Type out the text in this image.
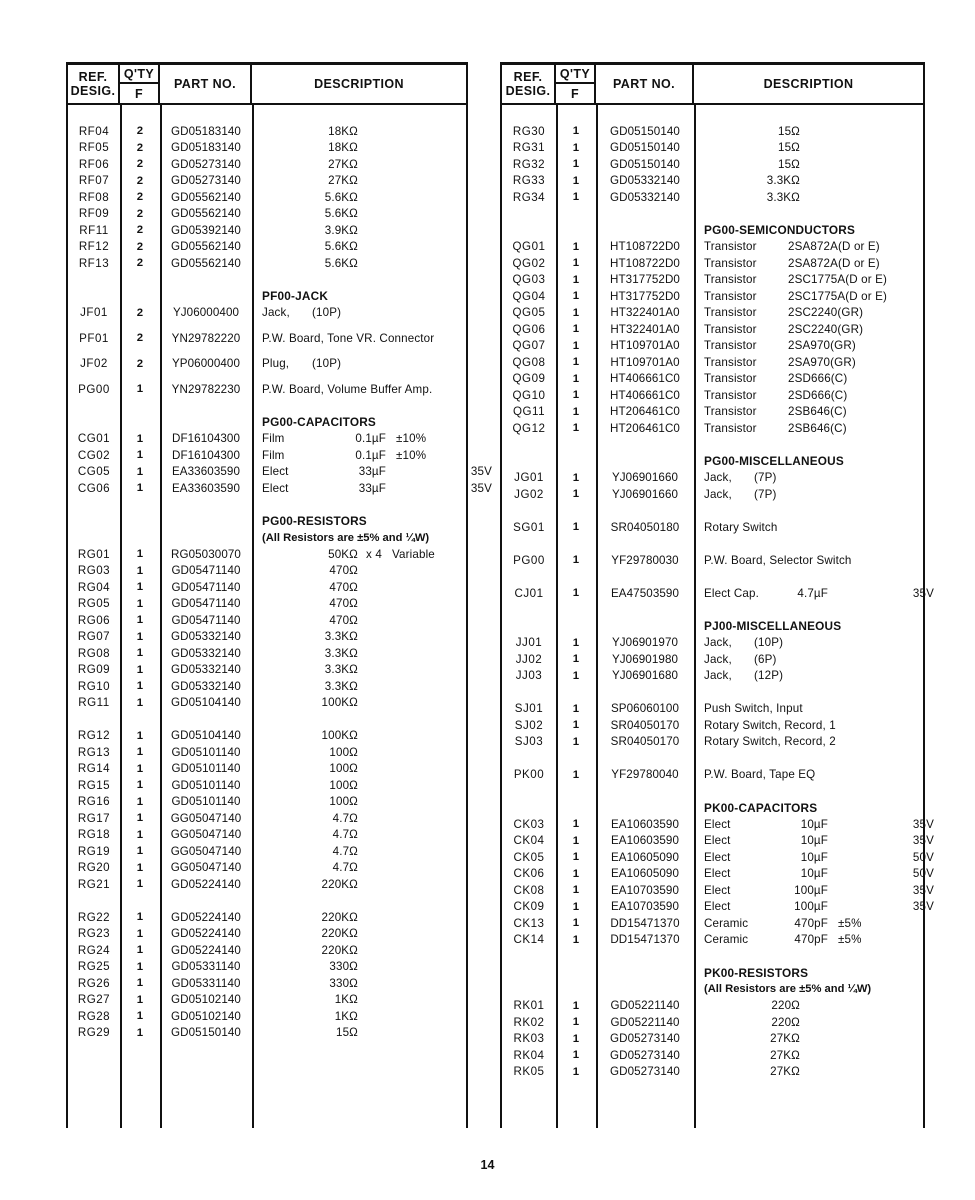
REF.
DESIG.
Q'TY
F
PART NO.	DESCRIPTION
RF04	2	GD05183140	18KΩ
RF05	2	GD05183140	18KΩ
RF06	2	GD05273140	27KΩ
RF07	2	GD05273140	27KΩ
RF08	2	GD05562140	5.6KΩ
RF09	2	GD05562140	5.6KΩ
RF11	2	GD05392140	3.9KΩ
RF12	2	GD05562140	5.6KΩ
RF13	2	GD05562140	5.6KΩ
PF00-JACK
JF01	2	YJ06000400	Jack,	(10P)
PF01	2	YN29782220	P.W. Board, Tone VR. Connector
JF02	2	YP06000400	Plug,	(10P)
PG00	1	YN29782230	P.W. Board, Volume Buffer Amp.
PG00-CAPACITORS
CG01	1	DF16104300	Film	0.1µF ±10%
CG02	1	DF16104300	Film	0.1µF ±10%
CG05	1	EA33603590	Elect	33µF	35V
CG06	1	EA33603590	Elect	33µF	35V
PG00-RESISTORS
(All Resistors are ±5% and ¼W)
RG01	1	RG05030070	50KΩ x 4   Variable
RG03	1	GD05471140	470Ω
RG04	1	GD05471140	470Ω
RG05	1	GD05471140	470Ω
RG06	1	GD05471140	470Ω
RG07	1	GD05332140	3.3KΩ
RG08	1	GD05332140	3.3KΩ
RG09	1	GD05332140	3.3KΩ
RG10	1	GD05332140	3.3KΩ
RG11	1	GD05104140	100KΩ
RG12	1	GD05104140	100KΩ
RG13	1	GD05101140	100Ω
RG14	1	GD05101140	100Ω
RG15	1	GD05101140	100Ω
RG16	1	GD05101140	100Ω
RG17	1	GG05047140	4.7Ω
RG18	1	GG05047140	4.7Ω
RG19	1	GG05047140	4.7Ω
RG20	1	GG05047140	4.7Ω
RG21	1	GD05224140	220KΩ
RG22	1	GD05224140	220KΩ
RG23	1	GD05224140	220KΩ
RG24	1	GD05224140	220KΩ
RG25	1	GD05331140	330Ω
RG26	1	GD05331140	330Ω
RG27	1	GD05102140	1KΩ
RG28	1	GD05102140	1KΩ
RG29	1	GD05150140	15Ω
REF.
DESIG.
Q'TY
F
PART NO.	DESCRIPTION
RG30	1	GD05150140	15Ω
RG31	1	GD05150140	15Ω
RG32	1	GD05150140	15Ω
RG33	1	GD05332140	3.3KΩ
RG34	1	GD05332140	3.3KΩ
PG00-SEMICONDUCTORS
QG01	1	HT108722D0	Transistor	2SA872A(D or E)
QG02	1	HT108722D0	Transistor	2SA872A(D or E)
QG03	1	HT317752D0	Transistor	2SC1775A(D or E)
QG04	1	HT317752D0	Transistor	2SC1775A(D or E)
QG05	1	HT322401A0	Transistor	2SC2240(GR)
QG06	1	HT322401A0	Transistor	2SC2240(GR)
QG07	1	HT109701A0	Transistor	2SA970(GR)
QG08	1	HT109701A0	Transistor	2SA970(GR)
QG09	1	HT406661C0	Transistor	2SD666(C)
QG10	1	HT406661C0	Transistor	2SD666(C)
QG11	1	HT206461C0	Transistor	2SB646(C)
QG12	1	HT206461C0	Transistor	2SB646(C)
PG00-MISCELLANEOUS
JG01	1	YJ06901660	Jack,	(7P)
JG02	1	YJ06901660	Jack,	(7P)
SG01	1	SR04050180	Rotary Switch
PG00	1	YF29780030	P.W. Board, Selector Switch
CJ01	1	EA47503590	Elect Cap.	4.7µF	35V
PJ00-MISCELLANEOUS
JJ01	1	YJ06901970	Jack,	(10P)
JJ02	1	YJ06901980	Jack,	(6P)
JJ03	1	YJ06901680	Jack,	(12P)
SJ01	1	SP06060100	Push Switch, Input
SJ02	1	SR04050170	Rotary Switch, Record, 1
SJ03	1	SR04050170	Rotary Switch, Record, 2
PK00	1	YF29780040	P.W. Board, Tape EQ
PK00-CAPACITORS
CK03	1	EA10603590	Elect	10µF	35V
CK04	1	EA10603590	Elect	10µF	35V
CK05	1	EA10605090	Elect	10µF	50V
CK06	1	EA10605090	Elect	10µF	50V
CK08	1	EA10703590	Elect	100µF	35V
CK09	1	EA10703590	Elect	100µF	35V
CK13	1	DD15471370	Ceramic	470pF ±5%
CK14	1	DD15471370	Ceramic	470pF ±5%
PK00-RESISTORS
(All Resistors are ±5% and ¼W)
RK01	1	GD05221140	220Ω
RK02	1	GD05221140	220Ω
RK03	1	GD05273140	27KΩ
RK04	1	GD05273140	27KΩ
RK05	1	GD05273140	27KΩ
14
